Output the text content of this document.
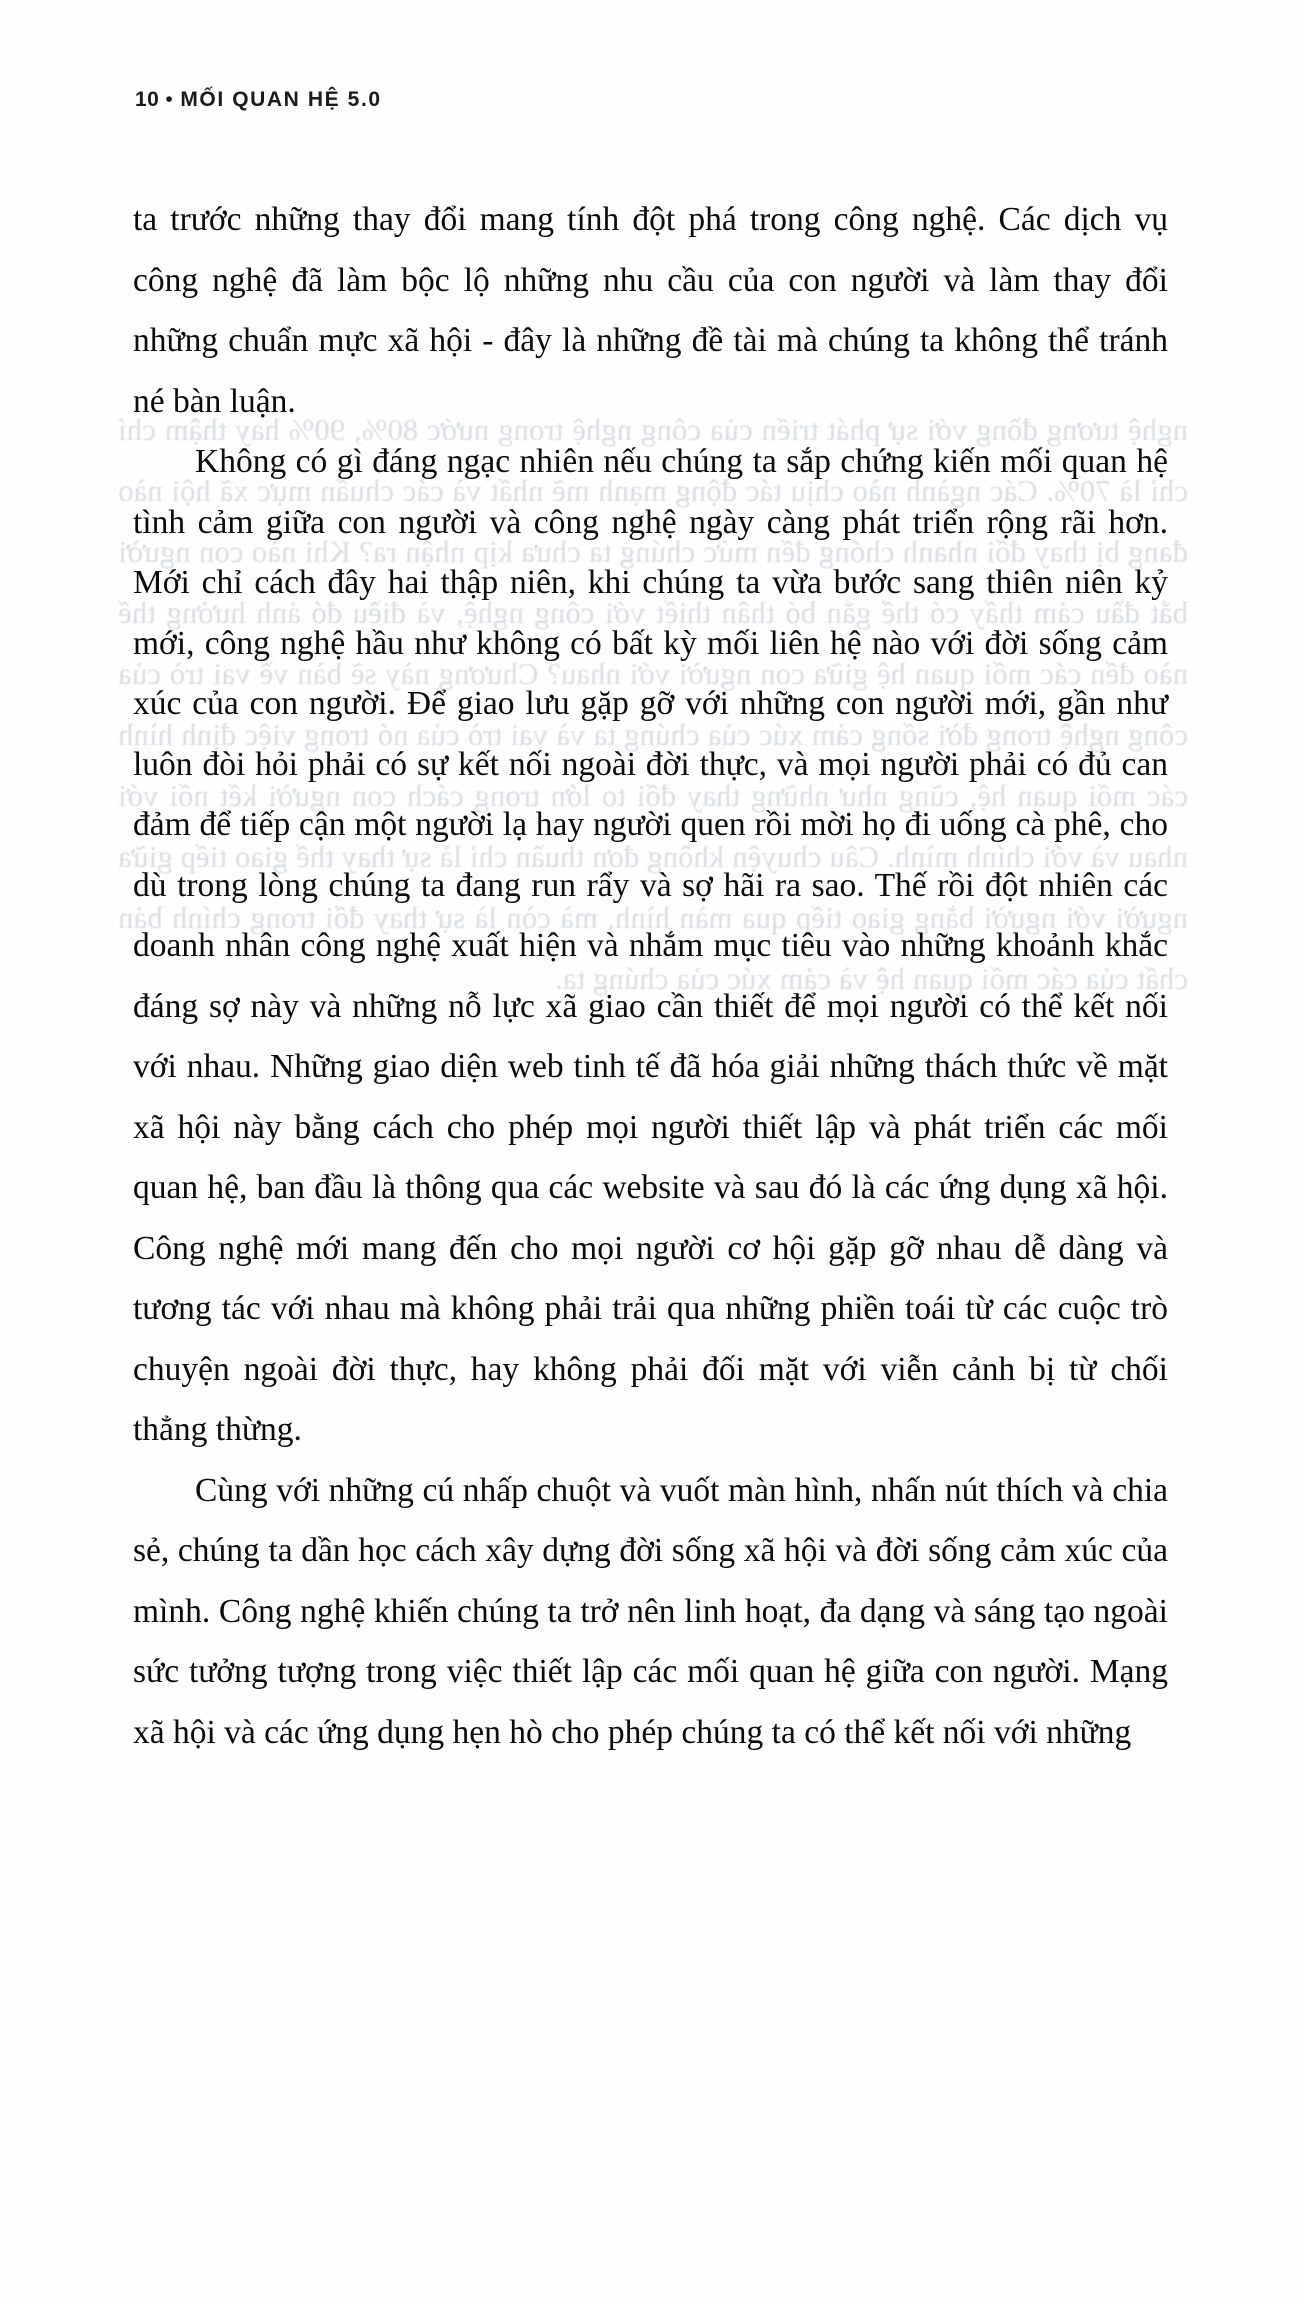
nghệ tương đồng với sự phát triển của công nghệ trong nước 80%, 90% hay thậm chí chỉ là 70%. Các ngành nào chịu tác động mạnh mẽ nhất và các chuẩn mực xã hội nào đang bị thay đổi nhanh chóng đến mức chúng ta chưa kịp nhận ra? Khi nào con người bắt đầu cảm thấy có thể gắn bó thân thiết với công nghệ, và điều đó ảnh hưởng thế nào đến các mối quan hệ giữa con người với nhau? Chương này sẽ bàn về vai trò của công nghệ trong đời sống cảm xúc của chúng ta và vai trò của nó trong việc định hình các mối quan hệ, cũng như những thay đổi to lớn trong cách con người kết nối với nhau và với chính mình. Câu chuyện không đơn thuần chỉ là sự thay thế giao tiếp giữa người với người bằng giao tiếp qua màn hình, mà còn là sự thay đổi trong chính bản chất của các mối quan hệ và cảm xúc của chúng ta.
10 • MỐI QUAN HỆ 5.0

ta trước những thay đổi mang tính đột phá trong công nghệ. Các dịch vụ công nghệ đã làm bộc lộ những nhu cầu của con người và làm thay đổi những chuẩn mực xã hội - đây là những đề tài mà chúng ta không thể tránh né bàn luận.

Không có gì đáng ngạc nhiên nếu chúng ta sắp chứng kiến mối quan hệ tình cảm giữa con người và công nghệ ngày càng phát triển rộng rãi hơn. Mới chỉ cách đây hai thập niên, khi chúng ta vừa bước sang thiên niên kỷ mới, công nghệ hầu như không có bất kỳ mối liên hệ nào với đời sống cảm xúc của con người. Để giao lưu gặp gỡ với những con người mới, gần như luôn đòi hỏi phải có sự kết nối ngoài đời thực, và mọi người phải có đủ can đảm để tiếp cận một người lạ hay người quen rồi mời họ đi uống cà phê, cho dù trong lòng chúng ta đang run rẩy và sợ hãi ra sao. Thế rồi đột nhiên các doanh nhân công nghệ xuất hiện và nhắm mục tiêu vào những khoảnh khắc đáng sợ này và những nỗ lực xã giao cần thiết để mọi người có thể kết nối với nhau. Những giao diện web tinh tế đã hóa giải những thách thức về mặt xã hội này bằng cách cho phép mọi người thiết lập và phát triển các mối quan hệ, ban đầu là thông qua các website và sau đó là các ứng dụng xã hội. Công nghệ mới mang đến cho mọi người cơ hội gặp gỡ nhau dễ dàng và tương tác với nhau mà không phải trải qua những phiền toái từ các cuộc trò chuyện ngoài đời thực, hay không phải đối mặt với viễn cảnh bị từ chối thẳng thừng.

Cùng với những cú nhấp chuột và vuốt màn hình, nhấn nút thích và chia sẻ, chúng ta dần học cách xây dựng đời sống xã hội và đời sống cảm xúc của mình. Công nghệ khiến chúng ta trở nên linh hoạt, đa dạng và sáng tạo ngoài sức tưởng tượng trong việc thiết lập các mối quan hệ giữa con người. Mạng xã hội và các ứng dụng hẹn hò cho phép chúng ta có thể kết nối với những
